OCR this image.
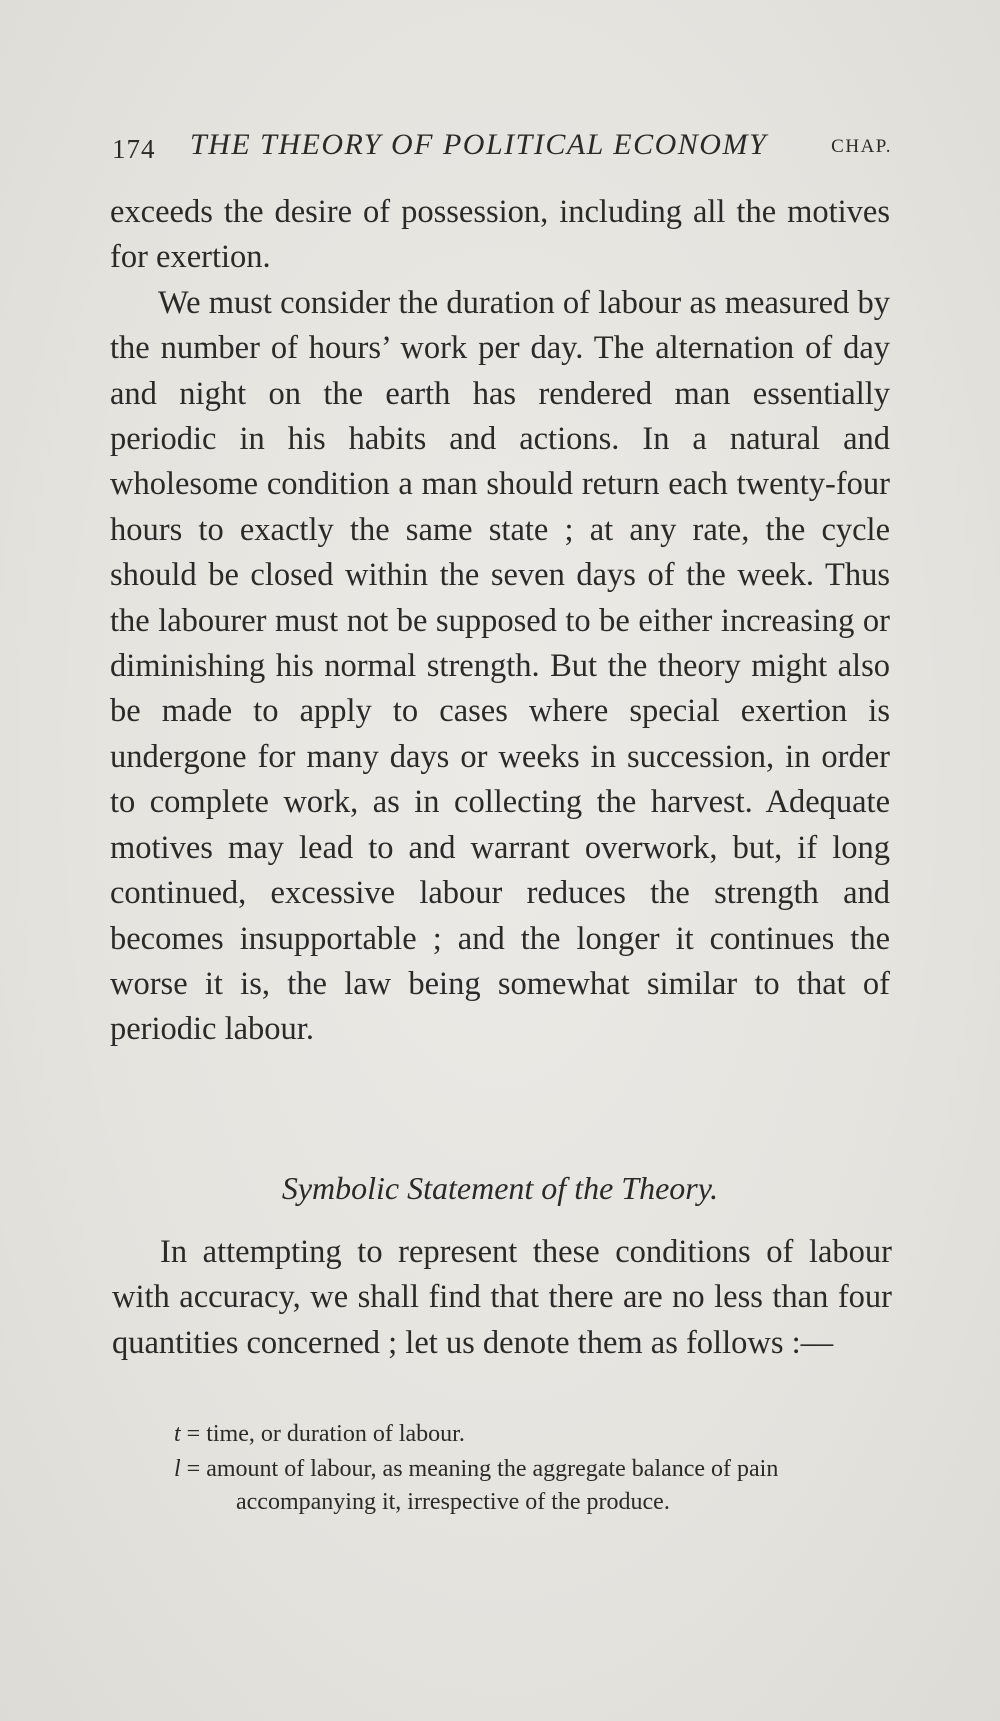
174 THE THEORY OF POLITICAL ECONOMY	CHAP.

exceeds the desire of possession, including all the motives for exertion.

We must consider the duration of labour as measured by the number of hours’ work per day. The alternation of day and night on the earth has rendered man essentially periodic in his habits and actions. In a natural and wholesome condition a man should return each twenty-four hours to exactly the same state ; at any rate, the cycle should be closed within the seven days of the week. Thus the labourer must not be supposed to be either increasing or diminishing his normal strength. But the theory might also be made to apply to cases where special exertion is undergone for many days or weeks in succession, in order to complete work, as in collecting the harvest. Adequate motives may lead to and warrant overwork, but, if long continued, excessive labour reduces the strength and becomes insupportable ; and the longer it continues the worse it is, the law being somewhat similar to that of periodic labour.

Symbolic Statement of the Theory.

In attempting to represent these conditions of labour with accuracy, we shall find that there are no less than four quantities concerned ; let us denote them as follows :—

t = time, or duration of labour.

l = amount of labour, as meaning the aggregate balance of pain accompanying it, irrespective of the produce.
